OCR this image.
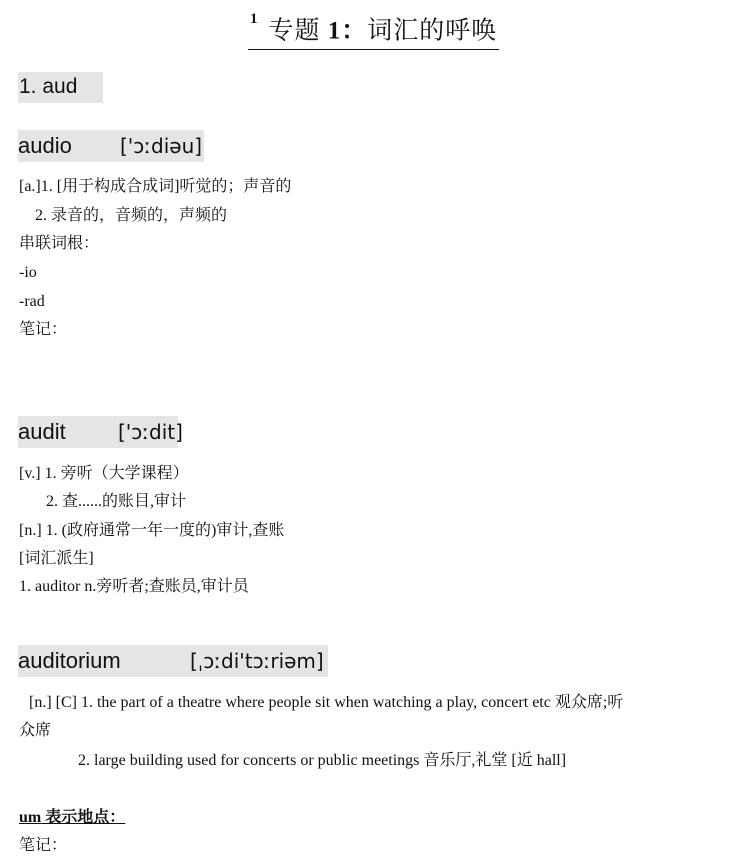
$^1$ 专题 1：词汇的呼唤
1. aud
audio ['ɔːdiəu]
[a.]1. [用于构成合成词]听觉的；声音的
2. 录音的，音频的，声频的
串联词根：
-io
-rad
笔记：
audit	['ɔːdit]
[v.] 1. 旁听（大学课程）
2. 查......的账目,审计
[n.] 1. (政府通常一年一度的)审计,查账
[词汇派生]
1. auditor n.旁听者;查账员,审计员
auditorium	[ˌɔːdi'tɔːriəm]
[n.] [C] 1. the part of a theatre where people sit when watching a play, concert etc 观众席;听
众席
2. large building used for concerts or public meetings 音乐厅,礼堂 [近 hall]
um 表示地点：
笔记：
